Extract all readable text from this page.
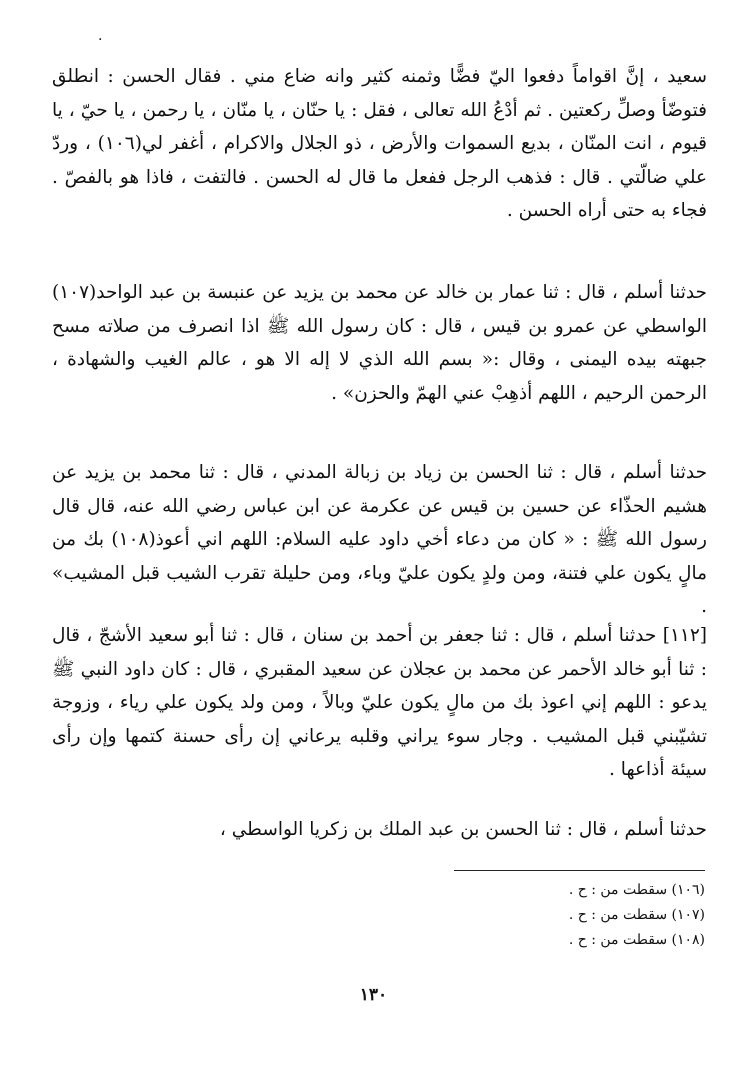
.
سعيد ، إنَّ اقواماً دفعوا اليّ فضًّا وثمنه كثير وانه ضاع مني . فقال الحسن : انطلق فتوضّأ وصلِّ ركعتين . ثم أدْعُ الله تعالى ، فقل : يا حنّان ، يا منّان ، يا رحمن ، يا حيّ ، يا قيوم ، انت المنّان ، بديع السموات والأرض ، ذو الجلال والاكرام ، أغفر لي(١٠٦) ، وردّ علي ضالّتي . قال : فذهب الرجل ففعل ما قال له الحسن . فالتفت ، فاذا هو بالفصّ . فجاء به حتى أراه الحسن .
حدثنا أسلم ، قال : ثنا عمار بن خالد عن محمد بن يزيد عن عنبسة بن عبد الواحد(١٠٧) الواسطي عن عمرو بن قيس ، قال : كان رسول الله ﷺ اذا انصرف من صلاته مسح جبهته بيده اليمنى ، وقال :« بسم الله الذي لا إله الا هو ، عالم الغيب والشهادة ، الرحمن الرحيم ، اللهم أذهِبْ عني الهمّ والحزن» .
حدثنا أسلم ، قال : ثنا الحسن بن زياد بن زبالة المدني ، قال : ثنا محمد بن يزيد عن هشيم الحذّاء عن حسين بن قيس عن عكرمة عن ابن عباس رضي الله عنه، قال قال رسول الله ﷺ : « كان من دعاء أخي داود عليه السلام: اللهم اني أعوذ(١٠٨) بك من مالٍ يكون علي فتنة، ومن ولدٍ يكون عليّ وباء، ومن حليلة تقرب الشيب قبل المشيب» .
[١١٢] حدثنا أسلم ، قال : ثنا جعفر بن أحمد بن سنان ، قال : ثنا أبو سعيد الأشجّ ، قال : ثنا أبو خالد الأحمر عن محمد بن عجلان عن سعيد المقبري ، قال : كان داود النبي ﷺ يدعو : اللهم إني اعوذ بك من مالٍ يكون عليّ وبالاً ، ومن ولد يكون علي رياء ، وزوجة تشيّبني قبل المشيب . وجار سوء يراني وقلبه يرعاني إن رأى حسنة كتمها وإن رأى سيئة أذاعها .
حدثنا أسلم ، قال : ثنا الحسن بن عبد الملك بن زكريا الواسطي ،
(١٠٦) سقطت من : ح .
(١٠٧) سقطت من : ح .
(١٠٨) سقطت من : ح .
١٣٠
